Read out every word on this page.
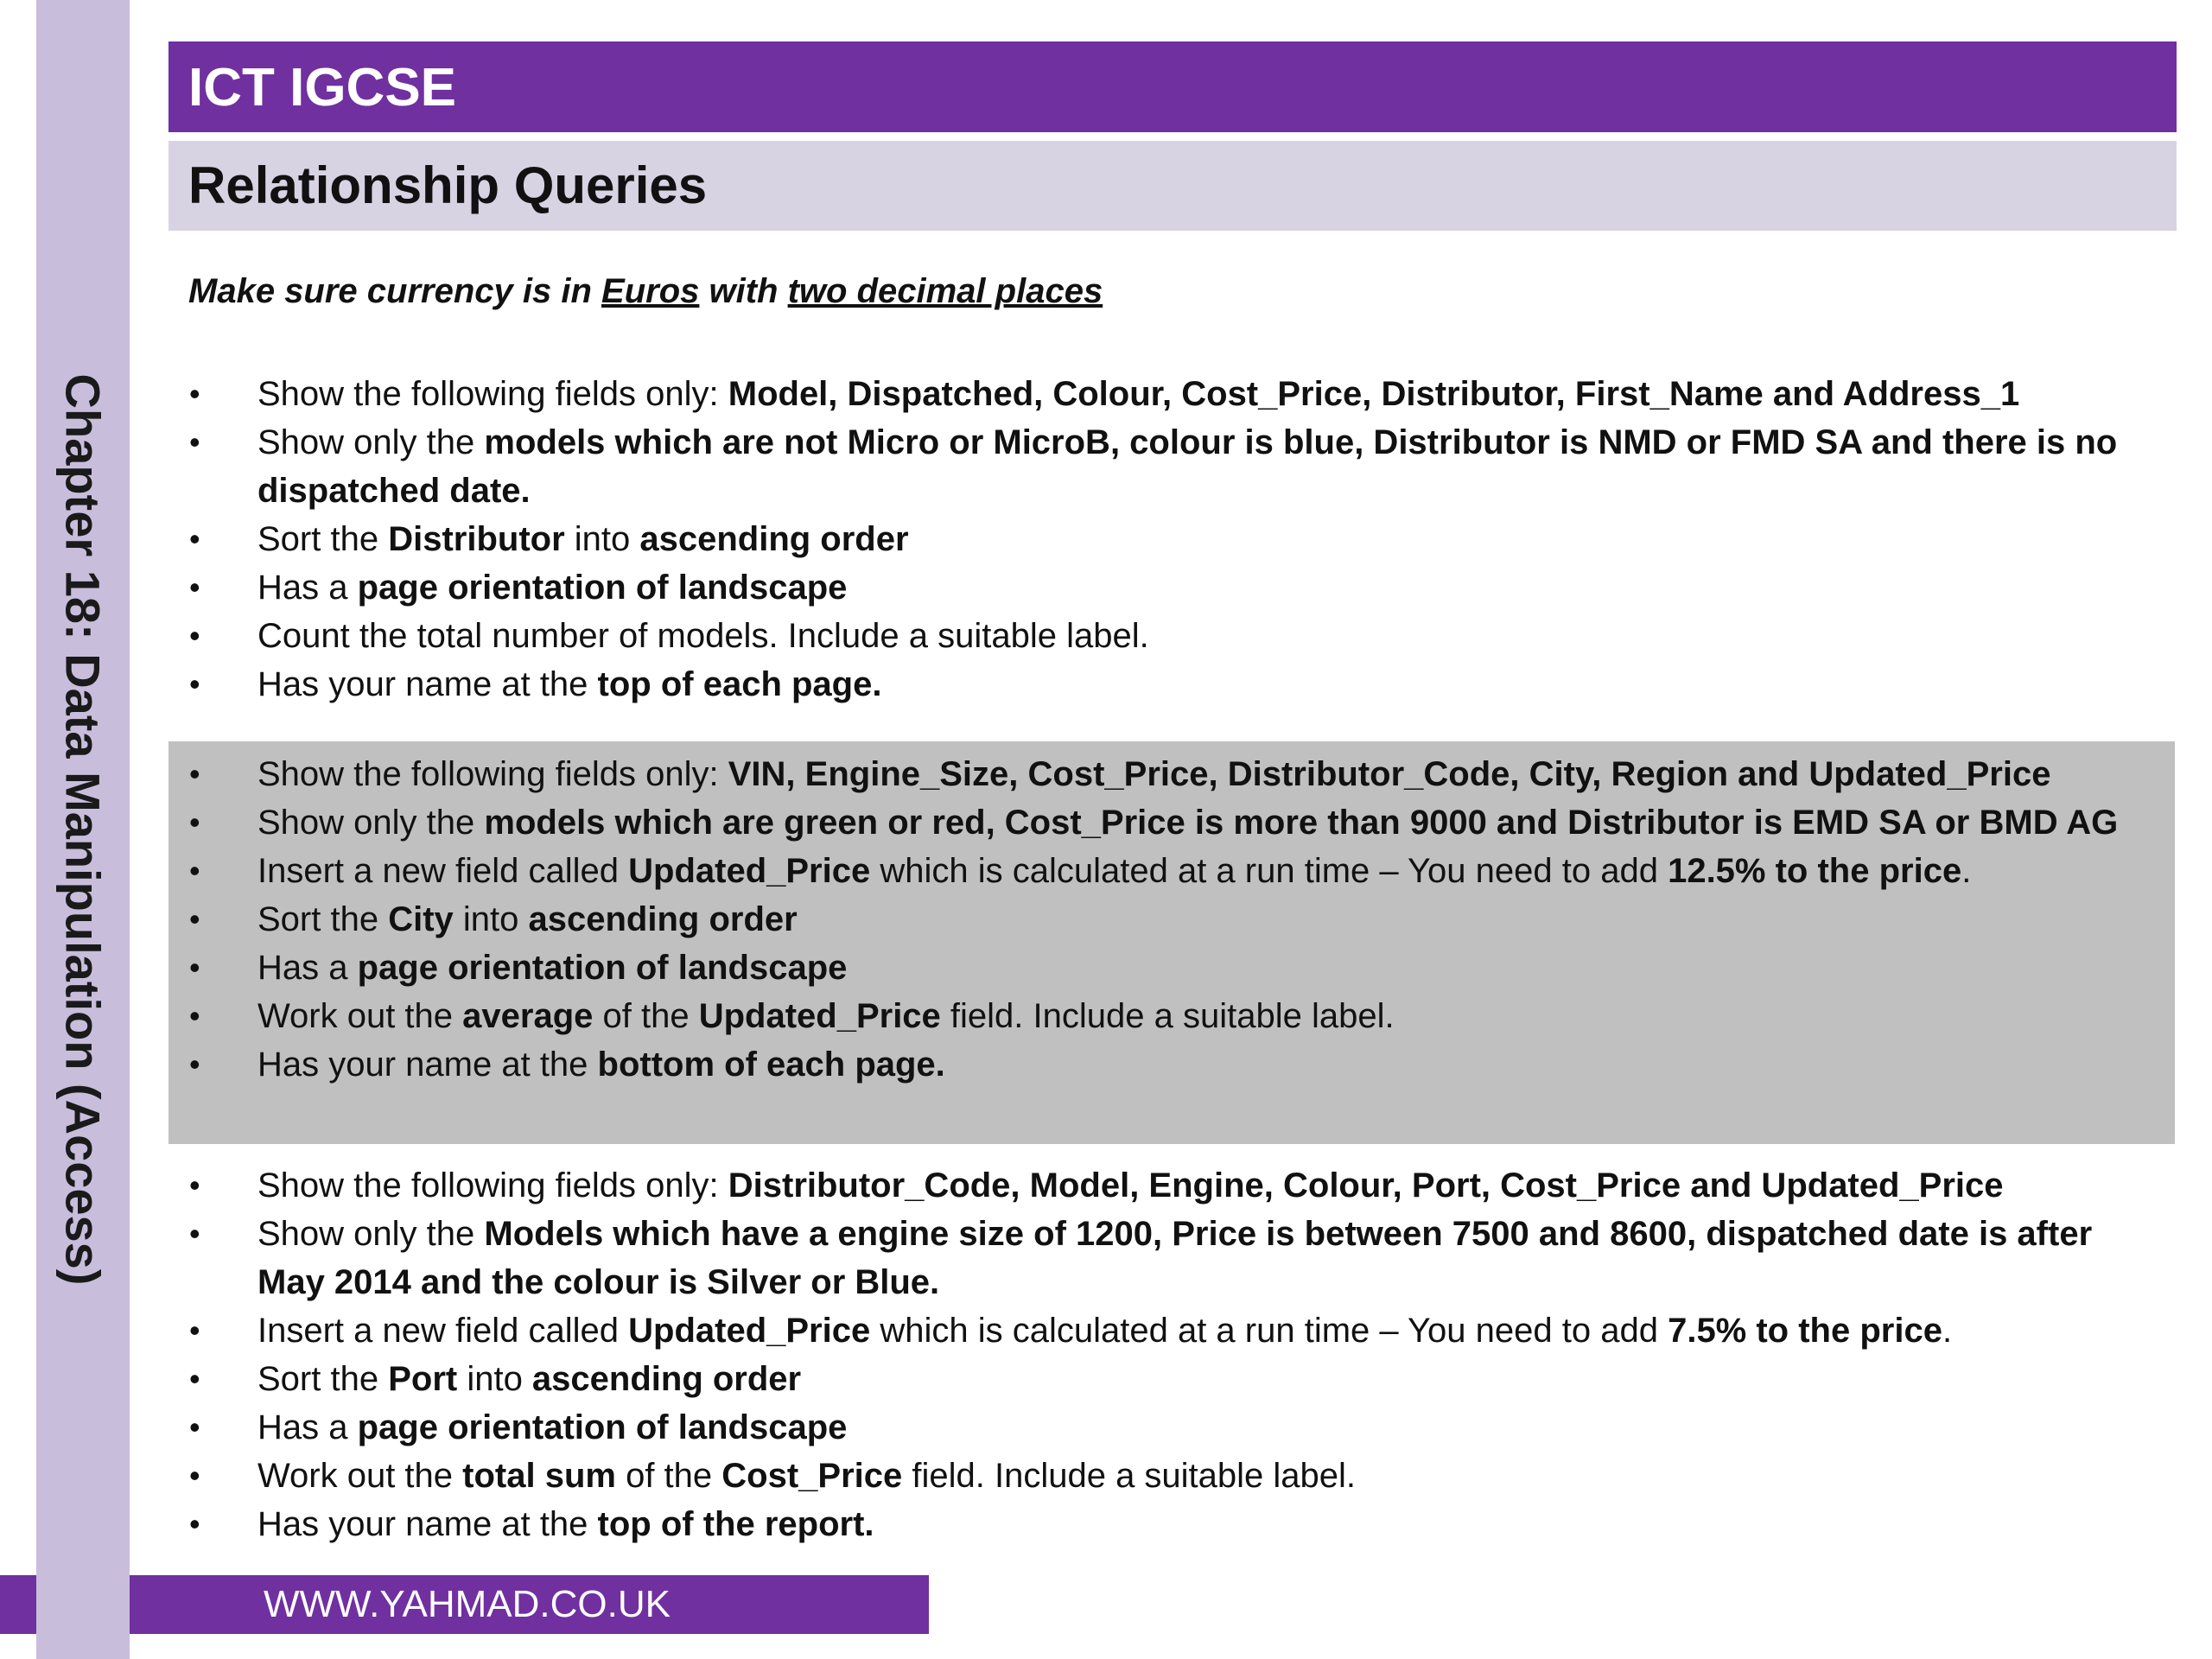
Chapter 18: Data Manipulation (Access)
ICT IGCSE
Relationship Queries
Make sure currency is in Euros with two decimal places
• Show the following fields only: Model, Dispatched, Colour, Cost_Price, Distributor, First_Name and Address_1
• Show only the models which are not Micro or MicroB, colour is blue, Distributor is NMD or FMD SA and there is no dispatched date.
• Sort the Distributor into ascending order
• Has a page orientation of landscape
• Count the total number of models. Include a suitable label.
• Has your name at the top of each page.
• Show the following fields only: VIN, Engine_Size, Cost_Price, Distributor_Code, City, Region and Updated_Price
• Show only the models which are green or red, Cost_Price is more than 9000 and Distributor is EMD SA or BMD AG
• Insert a new field called Updated_Price which is calculated at a run time – You need to add 12.5% to the price.
• Sort the City into ascending order
• Has a page orientation of landscape
• Work out the average of the Updated_Price field. Include a suitable label.
• Has your name at the bottom of each page.
• Show the following fields only: Distributor_Code, Model, Engine, Colour, Port, Cost_Price and Updated_Price
• Show only the Models which have a engine size of 1200, Price is between 7500 and 8600, dispatched date is after May 2014 and the colour is Silver or Blue.
• Insert a new field called Updated_Price which is calculated at a run time – You need to add 7.5% to the price.
• Sort the Port into ascending order
• Has a page orientation of landscape
• Work out the total sum of the Cost_Price field. Include a suitable label.
• Has your name at the top of the report.
WWW.YAHMAD.CO.UK
